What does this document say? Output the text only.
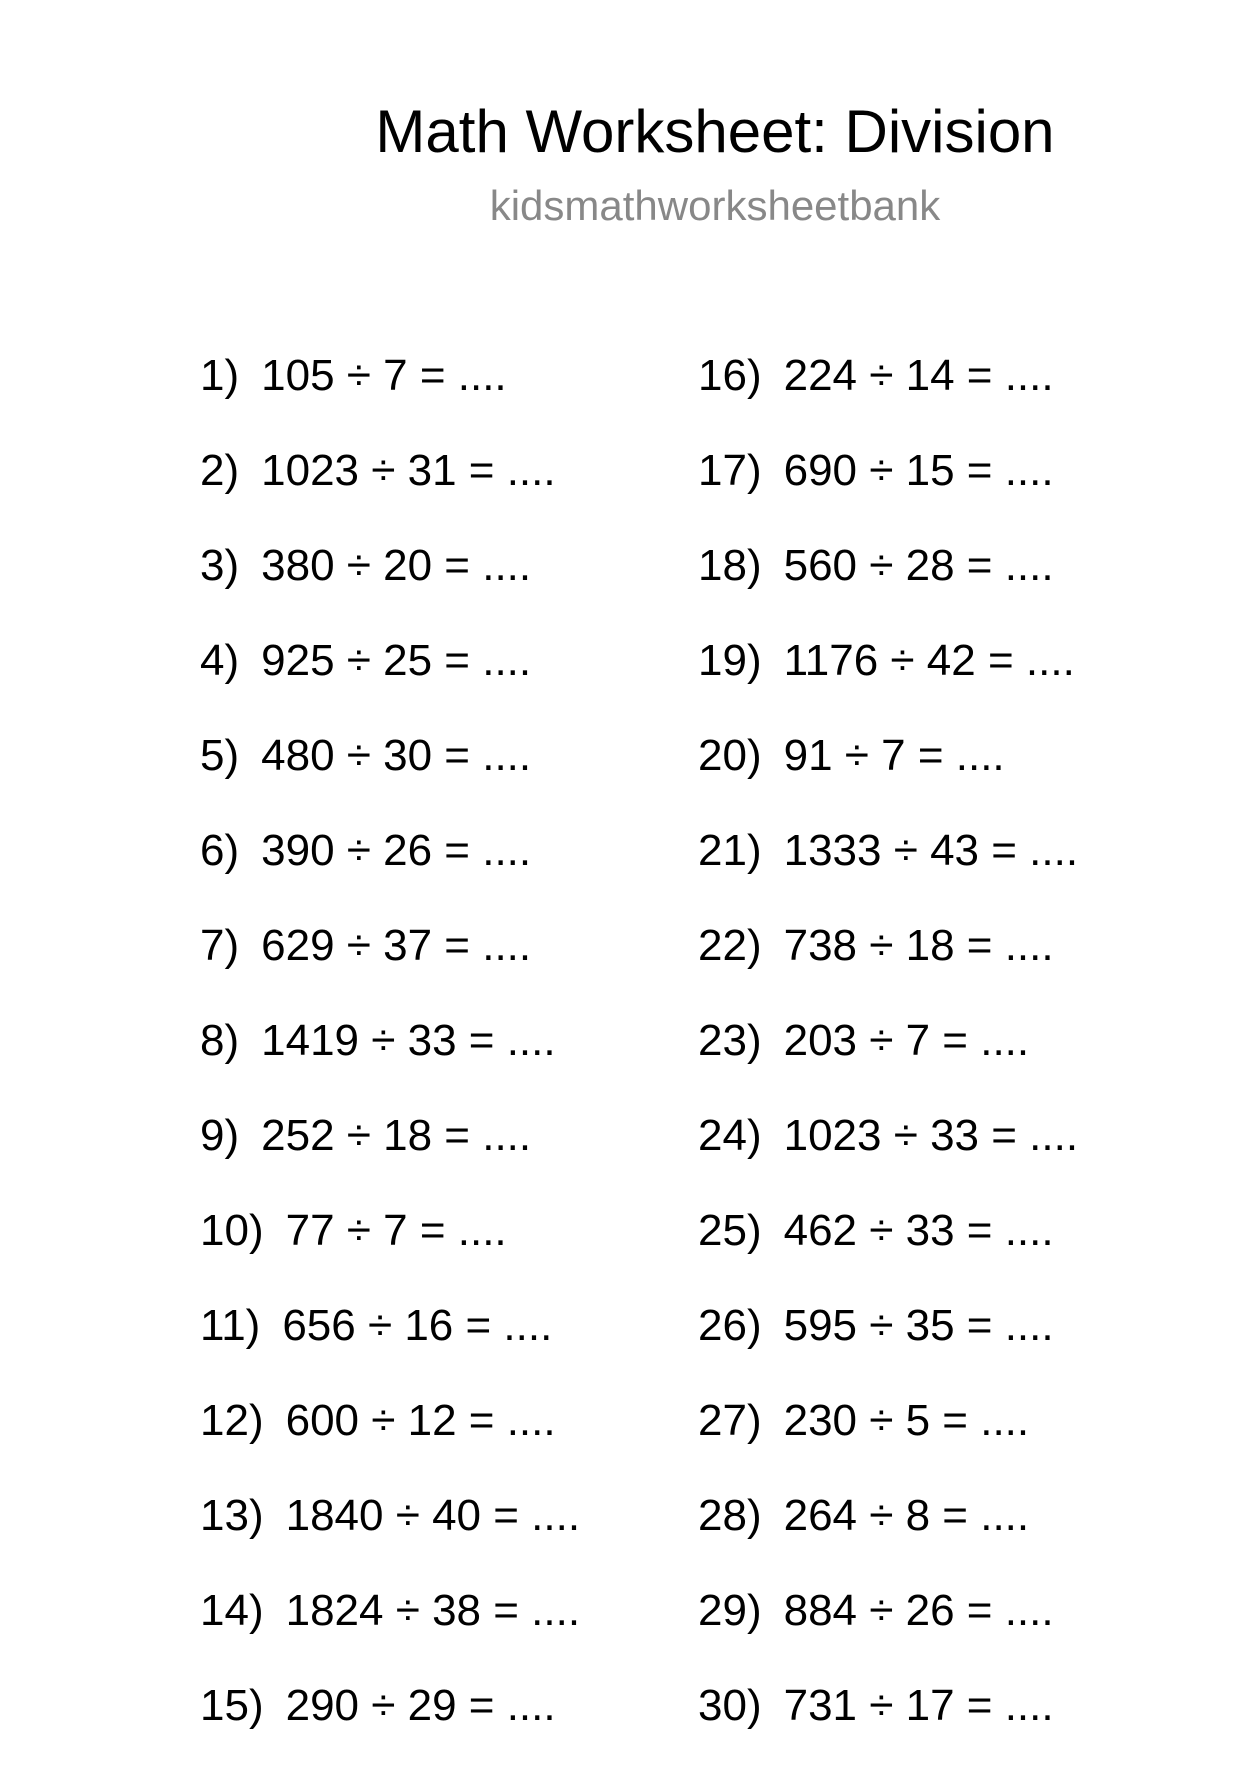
Math Worksheet: Division
kidsmathworksheetbank
1) 105 ÷ 7 = ....
2) 1023 ÷ 31 = ....
3) 380 ÷ 20 = ....
4) 925 ÷ 25 = ....
5) 480 ÷ 30 = ....
6) 390 ÷ 26 = ....
7) 629 ÷ 37 = ....
8) 1419 ÷ 33 = ....
9) 252 ÷ 18 = ....
10) 77 ÷ 7 = ....
11) 656 ÷ 16 = ....
12) 600 ÷ 12 = ....
13) 1840 ÷ 40 = ....
14) 1824 ÷ 38 = ....
15) 290 ÷ 29 = ....
16) 224 ÷ 14 = ....
17) 690 ÷ 15 = ....
18) 560 ÷ 28 = ....
19) 1176 ÷ 42 = ....
20) 91 ÷ 7 = ....
21) 1333 ÷ 43 = ....
22) 738 ÷ 18 = ....
23) 203 ÷ 7 = ....
24) 1023 ÷ 33 = ....
25) 462 ÷ 33 = ....
26) 595 ÷ 35 = ....
27) 230 ÷ 5 = ....
28) 264 ÷ 8 = ....
29) 884 ÷ 26 = ....
30) 731 ÷ 17 = ....
